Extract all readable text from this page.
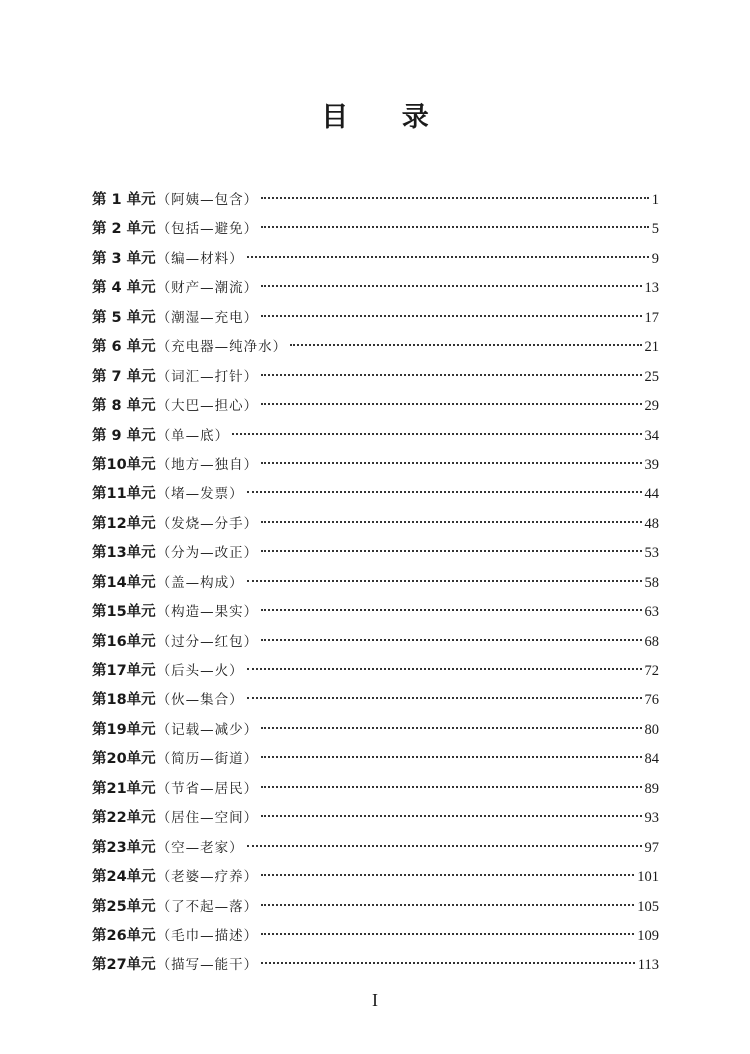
目 录
第 1 单元 （阿姨—包含）	1
第 2 单元 （包括—避免）	5
第 3 单元 （编—材料）	9
第 4 单元 （财产—潮流）	13
第 5 单元 （潮湿—充电）	17
第 6 单元 （充电器—纯净水）	21
第 7 单元 （词汇—打针）	25
第 8 单元 （大巴—担心）	29
第 9 单元 （单—底）	34
第10单元 （地方—独自）	39
第11单元 （堵—发票）	44
第12单元 （发烧—分手）	48
第13单元 （分为—改正）	53
第14单元 （盖—构成）	58
第15单元 （构造—果实）	63
第16单元 （过分—红包）	68
第17单元 （后头—火）	72
第18单元 （伙—集合）	76
第19单元 （记载—减少）	80
第20单元 （简历—街道）	84
第21单元 （节省—居民）	89
第22单元 （居住—空间）	93
第23单元 （空—老家）	97
第24单元 （老婆—疗养）	101
第25单元 （了不起—落）	105
第26单元 （毛巾—描述）	109
第27单元 （描写—能干）	113
I
